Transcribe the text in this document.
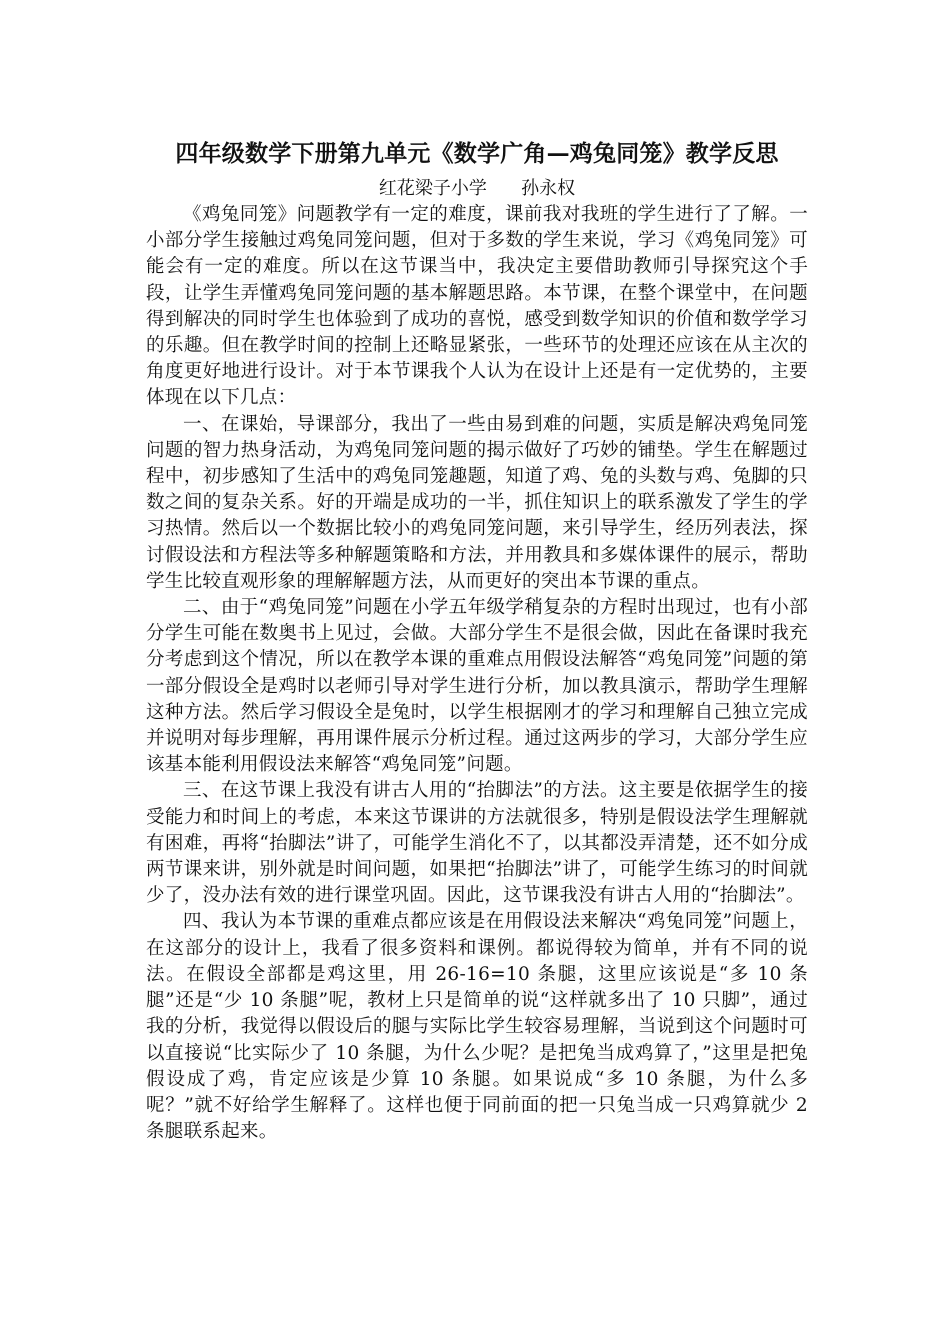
四年级数学下册第九单元《数学广角—鸡兔同笼》教学反思

红花梁子小学      孙永权

《鸡兔同笼》问题教学有一定的难度，课前我对我班的学生进行了了解。一小部分学生接触过鸡兔同笼问题，但对于多数的学生来说，学习《鸡兔同笼》可能会有一定的难度。所以在这节课当中，我决定主要借助教师引导探究这个手段，让学生弄懂鸡兔同笼问题的基本解题思路。本节课，在整个课堂中，在问题得到解决的同时学生也体验到了成功的喜悦，感受到数学知识的价值和数学学习的乐趣。但在教学时间的控制上还略显紧张，一些环节的处理还应该在从主次的角度更好地进行设计。对于本节课我个人认为在设计上还是有一定优势的，主要体现在以下几点：

一、在课始，导课部分，我出了一些由易到难的问题，实质是解决鸡兔同笼问题的智力热身活动，为鸡兔同笼问题的揭示做好了巧妙的铺垫。学生在解题过程中，初步感知了生活中的鸡兔同笼趣题，知道了鸡、兔的头数与鸡、兔脚的只数之间的复杂关系。好的开端是成功的一半，抓住知识上的联系激发了学生的学习热情。然后以一个数据比较小的鸡兔同笼问题，来引导学生，经历列表法，探讨假设法和方程法等多种解题策略和方法，并用教具和多媒体课件的展示，帮助学生比较直观形象的理解解题方法，从而更好的突出本节课的重点。

二、由于“鸡兔同笼”问题在小学五年级学稍复杂的方程时出现过，也有小部分学生可能在数奥书上见过，会做。大部分学生不是很会做，因此在备课时我充分考虑到这个情况，所以在教学本课的重难点用假设法解答“鸡兔同笼”问题的第一部分假设全是鸡时以老师引导对学生进行分析，加以教具演示，帮助学生理解这种方法。然后学习假设全是兔时，以学生根据刚才的学习和理解自己独立完成并说明对每步理解，再用课件展示分析过程。通过这两步的学习，大部分学生应该基本能利用假设法来解答“鸡兔同笼”问题。

三、在这节课上我没有讲古人用的“抬脚法”的方法。这主要是依据学生的接受能力和时间上的考虑，本来这节课讲的方法就很多，特别是假设法学生理解就有困难，再将“抬脚法”讲了，可能学生消化不了，以其都没弄清楚，还不如分成两节课来讲，别外就是时间问题，如果把“抬脚法”讲了，可能学生练习的时间就少了，没办法有效的进行课堂巩固。因此，这节课我没有讲古人用的“抬脚法”。

四、我认为本节课的重难点都应该是在用假设法来解决“鸡兔同笼”问题上，在这部分的设计上，我看了很多资料和课例。都说得较为简单，并有不同的说法。在假设全部都是鸡这里，用 26-16=10 条腿，这里应该说是“多 10 条腿”还是“少 10 条腿”呢，教材上只是简单的说“这样就多出了 10 只脚”，通过我的分析，我觉得以假设后的腿与实际比学生较容易理解，当说到这个问题时可以直接说“比实际少了 10 条腿，为什么少呢？是把兔当成鸡算了，”这里是把兔假设成了鸡，肯定应该是少算 10 条腿。如果说成“多 10 条腿，为什么多呢？”就不好给学生解释了。这样也便于同前面的把一只兔当成一只鸡算就少 2 条腿联系起来。
